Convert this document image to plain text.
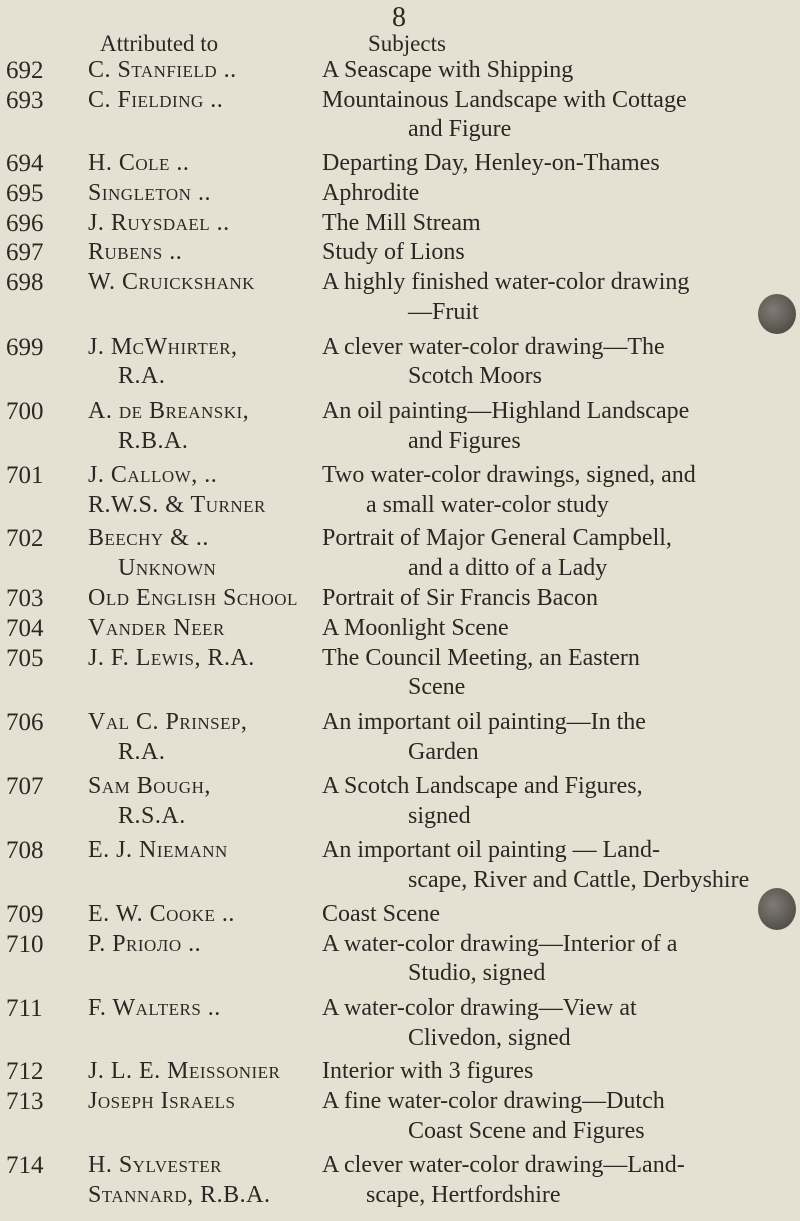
8
Attributed to	Subjects
692	C. Stanfield ..	A Seascape with Shipping
693	C. Fielding ..	Mountainous Landscape with Cottage
and Figure
694	H. Cole ..	Departing Day, Henley-on-Thames
695	Singleton ..	Aphrodite
696	J. Ruysdael ..	The Mill Stream
697	Rubens ..	Study of Lions
698	W. Cruickshank	A highly finished water-color drawing
—Fruit
699	J. McWhirter,	A clever water-color drawing—The
R.A.	Scotch Moors
700	A. de Breanski,	An oil painting—Highland Landscape
R.B.A.	and Figures
701	J. Callow, ..	Two water-color drawings, signed, and
R.W.S. & Turner	a small water-color study
702	Beechy & ..	Portrait of Major General Campbell,
Unknown	and a ditto of a Lady
703	Old English School	Portrait of Sir Francis Bacon
704	Vander Neer	A Moonlight Scene
705	J. F. Lewis, R.A.	The Council Meeting, an Eastern
Scene
706	Val C. Prinsep,	An important oil painting—In the
R.A.	Garden
707	Sam Bough,	A Scotch Landscape and Figures,
R.S.A.	signed
708	E. J. Niemann	An important oil painting — Land-
scape, River and Cattle, Derbyshire
709	E. W. Cooke ..	Coast Scene
710	P. Prioло ..	A water-color drawing—Interior of a
Studio, signed
711	F. Walters ..	A water-color drawing—View at
Clivedon, signed
712	J. L. E. Meissonier	Interior with 3 figures
713	Joseph Israels	A fine water-color drawing—Dutch
Coast Scene and Figures
714	H. Sylvester	A clever water-color drawing—Land-
Stannard, R.B.A.	scape, Hertfordshire
